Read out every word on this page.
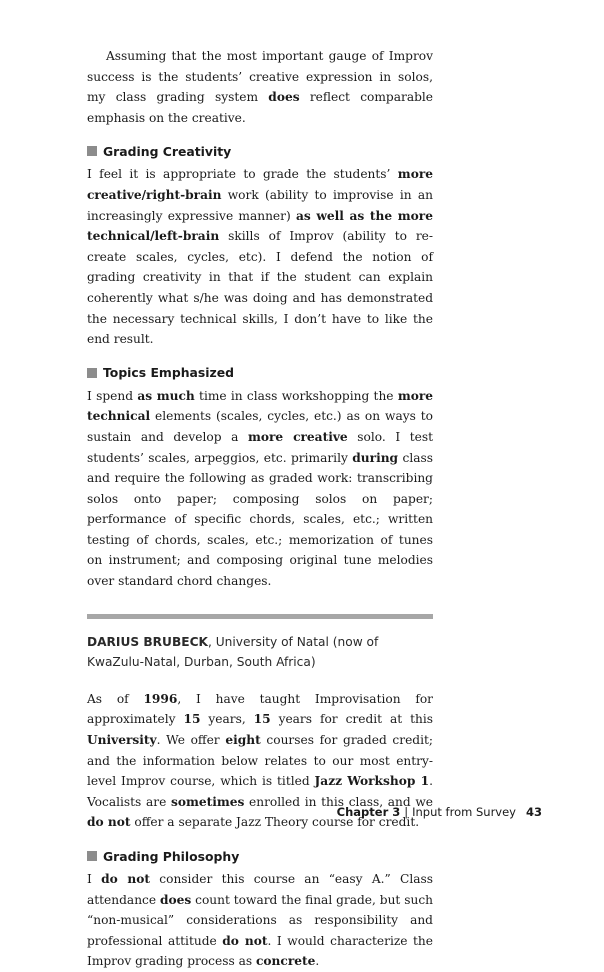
Assuming that the most important gauge of Improv success is the students’ creative expression in solos, my class grading system does reflect comparable emphasis on the creative.

Grading Creativity

I feel it is appropriate to grade the students’ more creative/right-brain work (ability to improvise in an increasingly expressive manner) as well as the more technical/left-brain skills of Improv (ability to re-create scales, cycles, etc). I defend the notion of grading creativity in that if the student can explain coherently what s/he was doing and has demonstrated the necessary technical skills, I don’t have to like the end result.

Topics Emphasized

I spend as much time in class workshopping the more technical elements (scales, cycles, etc.) as on ways to sustain and develop a more creative solo. I test students’ scales, arpeggios, etc. primarily during class and require the following as graded work: transcribing solos onto paper; composing solos on paper; performance of specific chords, scales, etc.; written testing of chords, scales, etc.; memorization of tunes on instrument; and composing original tune melodies over standard chord changes.

DARIUS BRUBECK, University of Natal (now of KwaZulu-Natal, Durban, South Africa)

As of 1996, I have taught Improvisation for approximately 15 years, 15 years for credit at this University. We offer eight courses for graded credit; and the information below relates to our most entry-level Improv course, which is titled Jazz Workshop 1. Vocalists are sometimes enrolled in this class, and we do not offer a separate Jazz Theory course for credit.

Grading Philosophy

I do not consider this course an “easy A.” Class attendance does count toward the final grade, but such “non-musical” considerations as responsibility and professional attitude do not. I would characterize the Improv grading process as concrete.

Chapter 3 | Input from Survey 43
